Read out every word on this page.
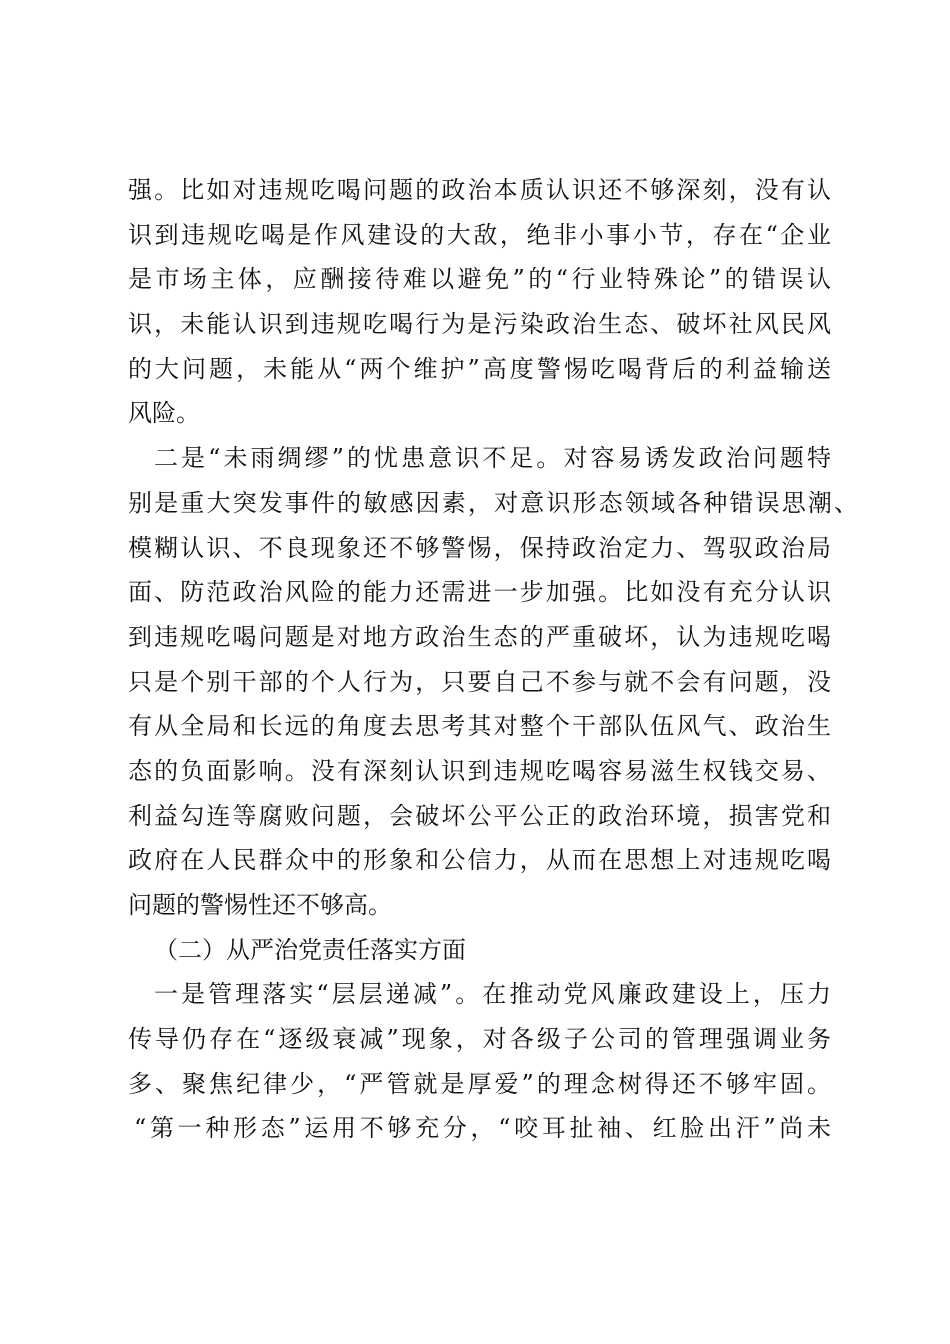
强。比如对违规吃喝问题的政治本质认识还不够深刻，没有认
识到违规吃喝是作风建设的大敌，绝非小事小节，存在“企业
是市场主体，应酬接待难以避免”的“行业特殊论”的错误认
识，未能认识到违规吃喝行为是污染政治生态、破坏社风民风
的大问题，未能从“两个维护”高度警惕吃喝背后的利益输送
风险。
二是“未雨绸缪”的忧患意识不足。对容易诱发政治问题特
别是重大突发事件的敏感因素，对意识形态领域各种错误思潮、
模糊认识、不良现象还不够警惕，保持政治定力、驾驭政治局
面、防范政治风险的能力还需进一步加强。比如没有充分认识
到违规吃喝问题是对地方政治生态的严重破坏，认为违规吃喝
只是个别干部的个人行为，只要自己不参与就不会有问题，没
有从全局和长远的角度去思考其对整个干部队伍风气、政治生
态的负面影响。没有深刻认识到违规吃喝容易滋生权钱交易、
利益勾连等腐败问题，会破坏公平公正的政治环境，损害党和
政府在人民群众中的形象和公信力，从而在思想上对违规吃喝
问题的警惕性还不够高。
（二）从严治党责任落实方面
一是管理落实“层层递减”。在推动党风廉政建设上，压力
传导仍存在“逐级衰减”现象，对各级子公司的管理强调业务
多、聚焦纪律少，“严管就是厚爱”的理念树得还不够牢固。
“第一种形态”运用不够充分，“咬耳扯袖、红脸出汗”尚未
